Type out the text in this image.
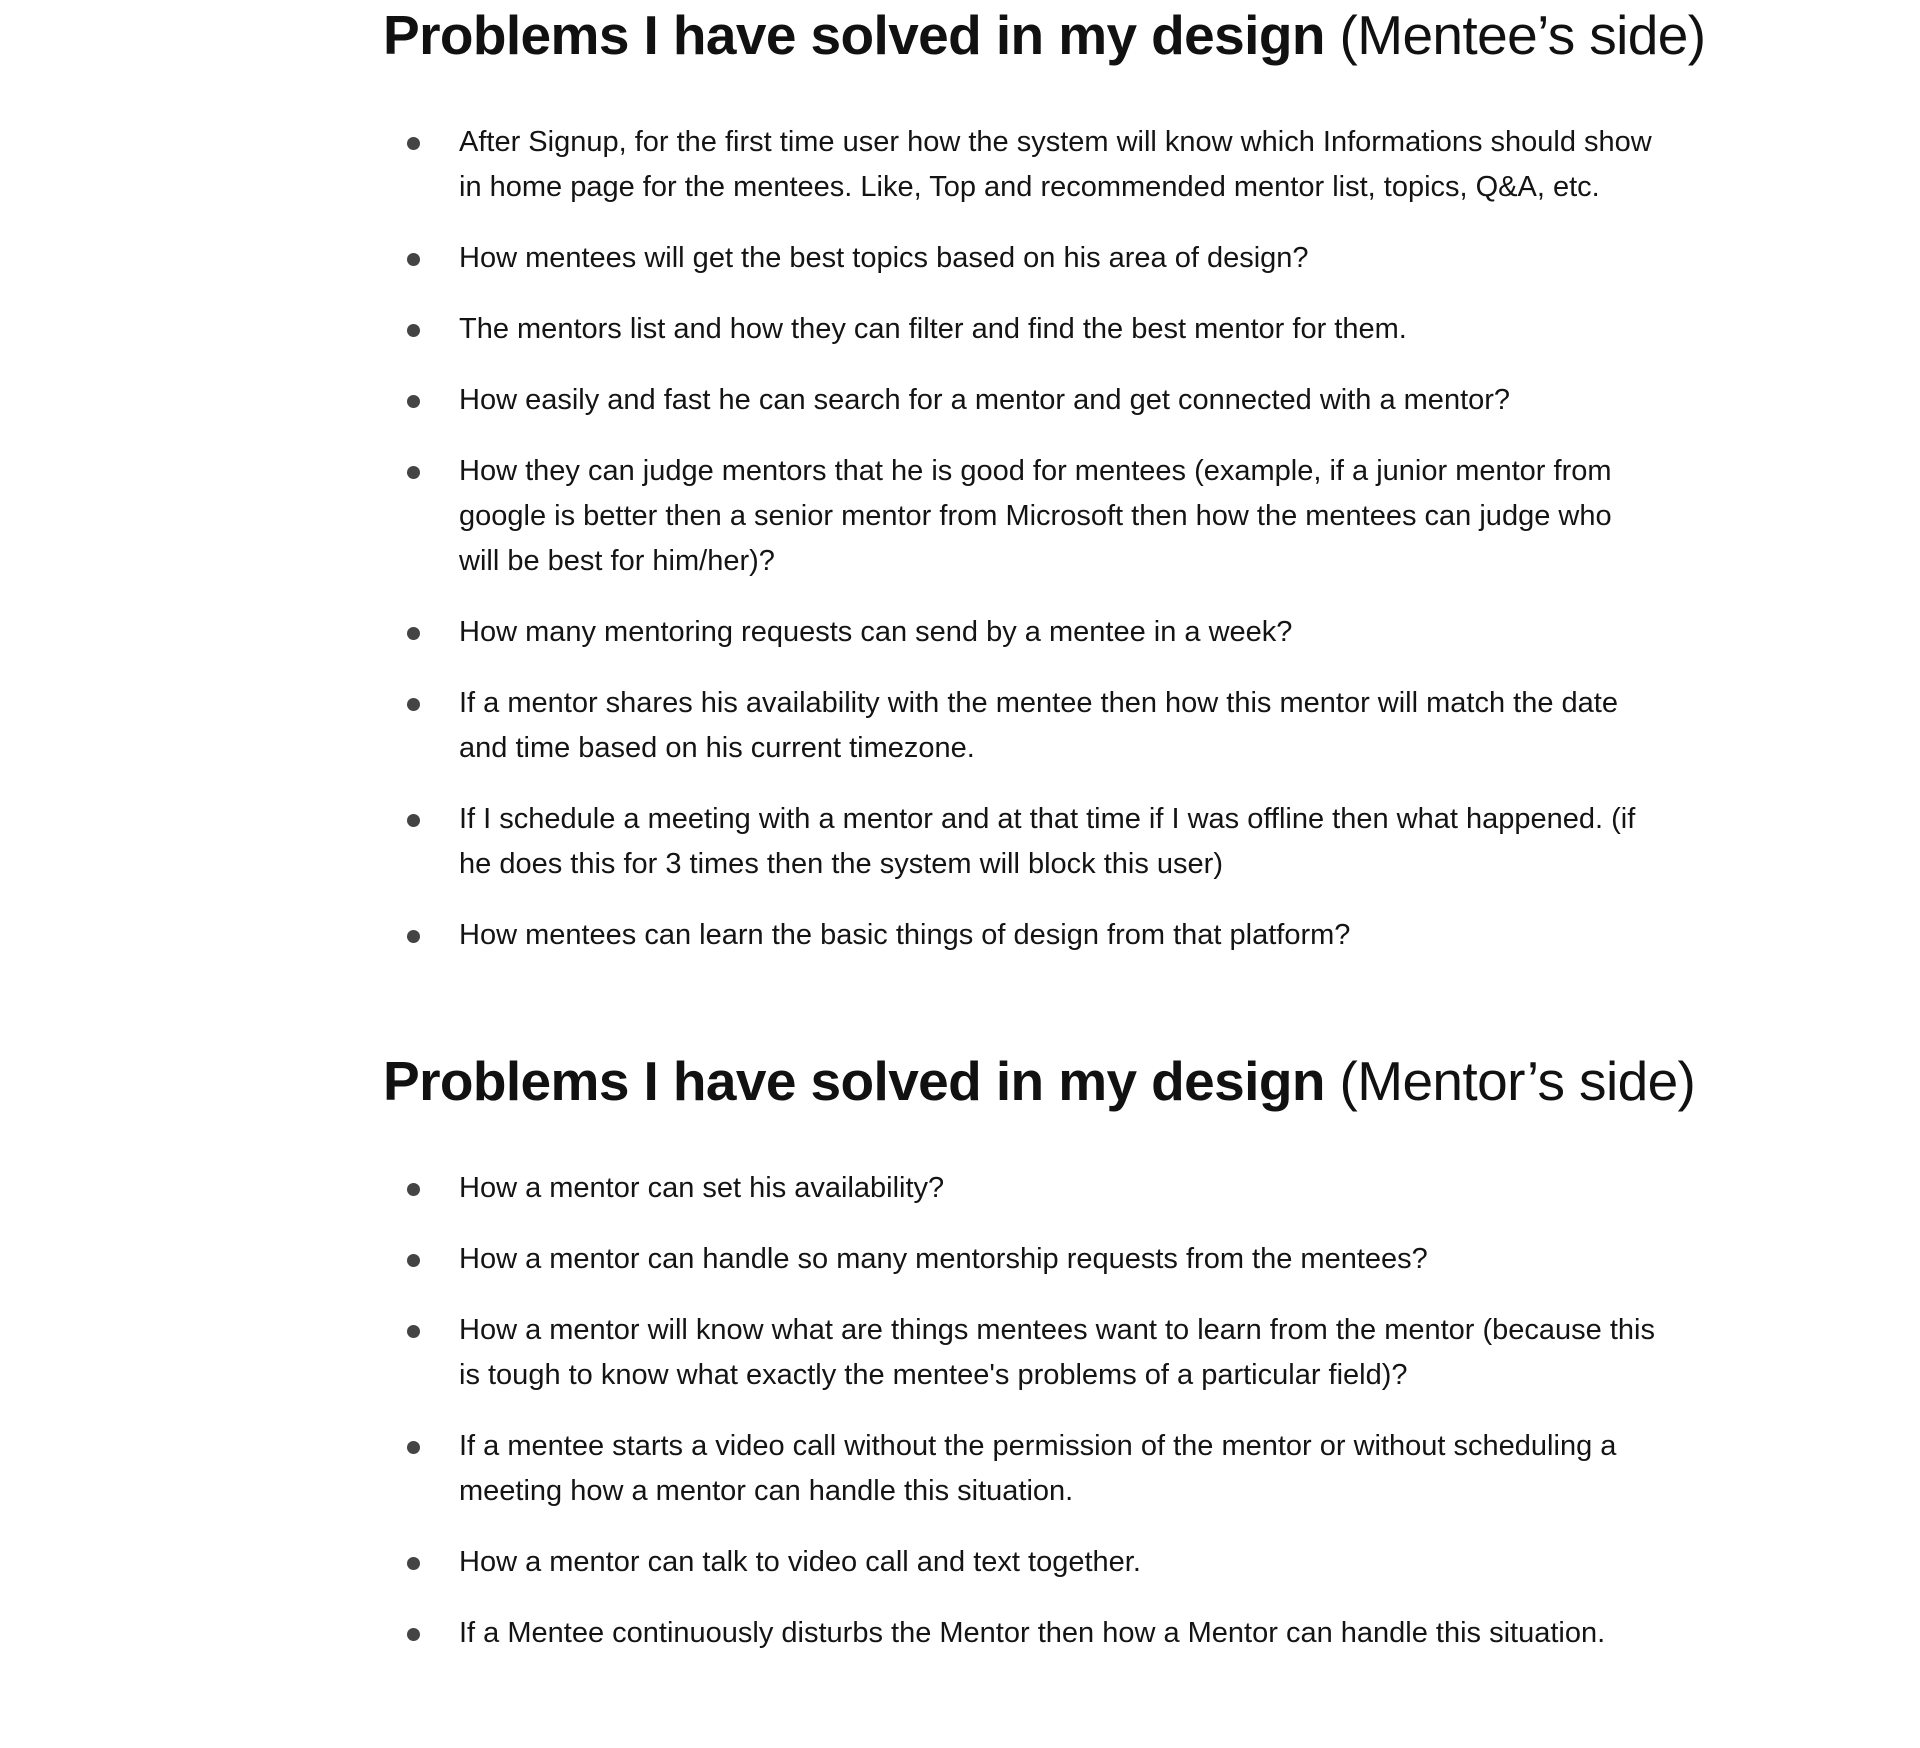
Problems I have solved in my design (Mentee’s side)
After Signup, for the first time user how the system will know which Informations should show in home page for the mentees. Like, Top and recommended mentor list, topics, Q&A, etc.
How mentees will get the best topics based on his area of design?
The mentors list and how they can filter and find the best mentor for them.
How easily and fast he can search for a mentor and get connected with a mentor?
How they can judge mentors that he is good for mentees (example, if a junior mentor from google is better then a senior mentor from Microsoft then how the mentees can judge who will be best for him/her)?
How many mentoring requests can send by a mentee in a week?
If a mentor shares his availability with the mentee then how this mentor will match the date and time based on his current timezone.
If I schedule a meeting with a mentor and at that time if I was offline then what happened. (if he does this for 3 times then the system will block this user)
How mentees can learn the basic things of design from that platform?
Problems I have solved in my design (Mentor’s side)
How a mentor can set his availability?
How a mentor can handle so many mentorship requests from the mentees?
How a mentor will know what are things mentees want to learn from the mentor (because this is tough to know what exactly the mentee's problems of a particular field)?
If a mentee starts a video call without the permission of the mentor or without scheduling a meeting how a mentor can handle this situation.
How a mentor can talk to video call and text together.
If a Mentee continuously disturbs the Mentor then how a Mentor can handle this situation.
